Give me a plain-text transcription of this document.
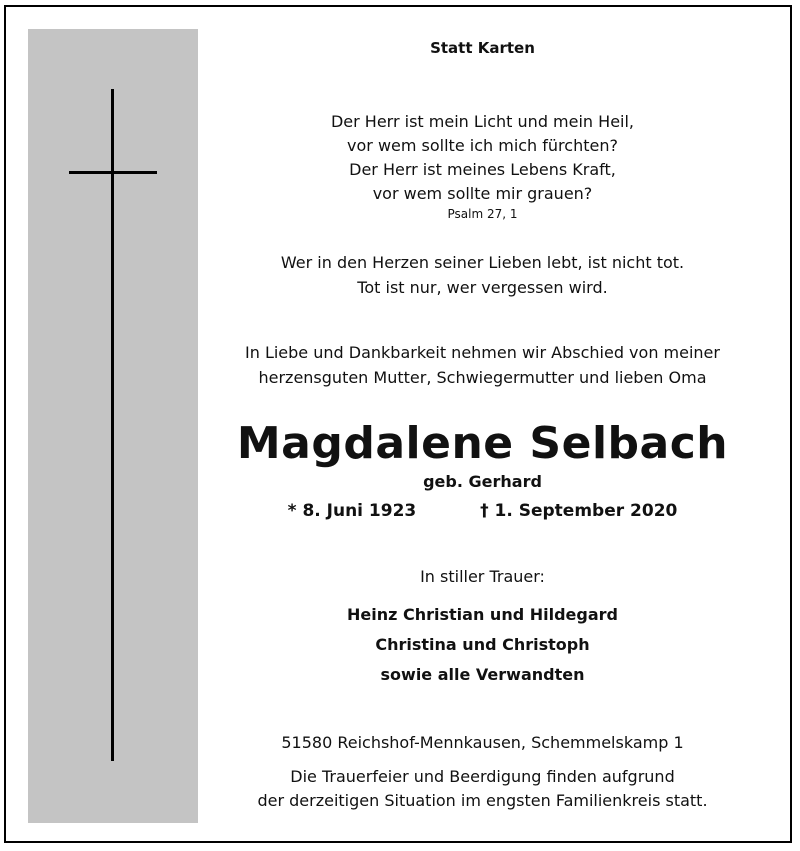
Statt Karten
Der Herr ist mein Licht und mein Heil,
vor wem sollte ich mich fürchten?
Der Herr ist meines Lebens Kraft,
vor wem sollte mir grauen?
Psalm 27, 1
Wer in den Herzen seiner Lieben lebt, ist nicht tot.
Tot ist nur, wer vergessen wird.
In Liebe und Dankbarkeit nehmen wir Abschied von meiner
herzensguten Mutter, Schwiegermutter und lieben Oma
Magdalene Selbach
geb. Gerhard
* 8. Juni 1923	† 1. September 2020
In stiller Trauer:
Heinz Christian und Hildegard
Christina und Christoph
sowie alle Verwandten
51580 Reichshof-Mennkausen, Schemmelskamp 1
Die Trauerfeier und Beerdigung finden aufgrund
der derzeitigen Situation im engsten Familienkreis statt.
